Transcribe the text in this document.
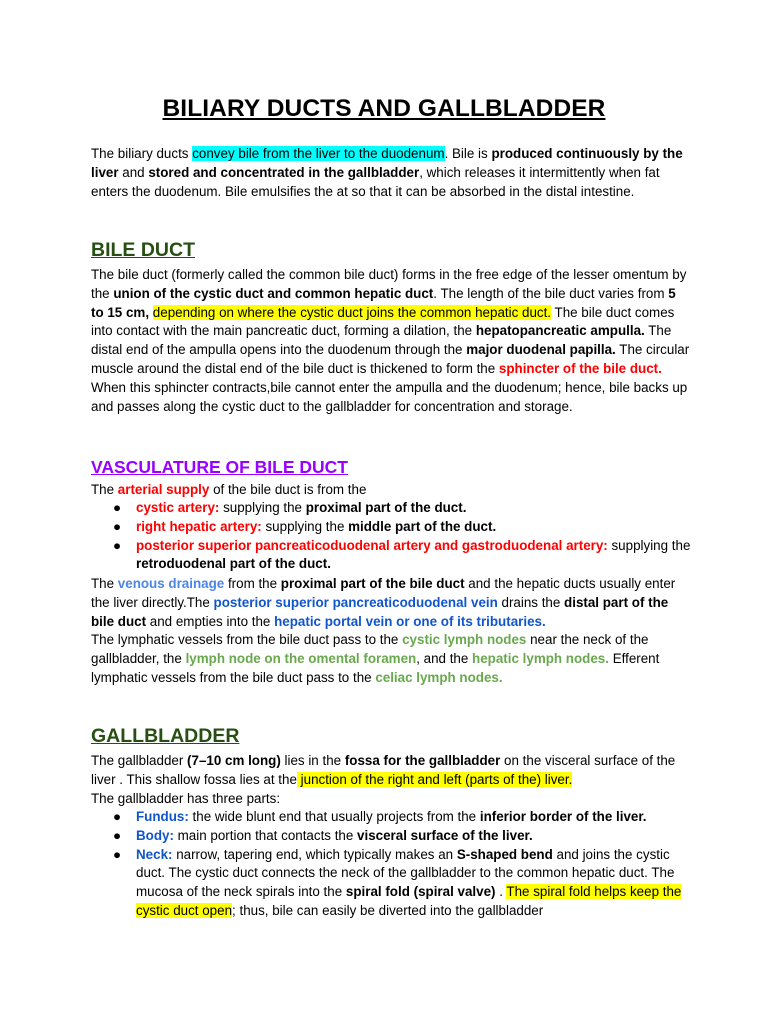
BILIARY DUCTS AND GALLBLADDER

The biliary ducts convey bile from the liver to the duodenum. Bile is produced continuously by the liver and stored and concentrated in the gallbladder, which releases it intermittently when fat enters the duodenum. Bile emulsifies the at so that it can be absorbed in the distal intestine.

BILE DUCT

The bile duct (formerly called the common bile duct) forms in the free edge of the lesser omentum by the union of the cystic duct and common hepatic duct. The length of the bile duct varies from 5 to 15 cm, depending on where the cystic duct joins the common hepatic duct. The bile duct comes into contact with the main pancreatic duct, forming a dilation, the hepatopancreatic ampulla. The distal end of the ampulla opens into the duodenum through the major duodenal papilla. The circular muscle around the distal end of the bile duct is thickened to form the sphincter of the bile duct. When this sphincter contracts,bile cannot enter the ampulla and the duodenum; hence, bile backs up and passes along the cystic duct to the gallbladder for concentration and storage.

VASCULATURE OF BILE DUCT

The arterial supply of the bile duct is from the

● cystic artery: supplying the proximal part of the duct.
● right hepatic artery: supplying the middle part of the duct.
● posterior superior pancreaticoduodenal artery and gastroduodenal artery: supplying the retroduodenal part of the duct.

The venous drainage from the proximal part of the bile duct and the hepatic ducts usually enter the liver directly.The posterior superior pancreaticoduodenal vein drains the distal part of the bile duct and empties into the hepatic portal vein or one of its tributaries.

The lymphatic vessels from the bile duct pass to the cystic lymph nodes near the neck of the gallbladder, the lymph node on the omental foramen, and the hepatic lymph nodes. Efferent lymphatic vessels from the bile duct pass to the celiac lymph nodes.

GALLBLADDER

The gallbladder (7–10 cm long) lies in the fossa for the gallbladder on the visceral surface of the liver . This shallow fossa lies at the junction of the right and left (parts of the) liver.

The gallbladder has three parts:

● Fundus: the wide blunt end that usually projects from the inferior border of the liver.
● Body: main portion that contacts the visceral surface of the liver.
● Neck: narrow, tapering end, which typically makes an S-shaped bend and joins the cystic duct. The cystic duct connects the neck of the gallbladder to the common hepatic duct. The mucosa of the neck spirals into the spiral fold (spiral valve) . The spiral fold helps keep the cystic duct open; thus, bile can easily be diverted into the gallbladder
